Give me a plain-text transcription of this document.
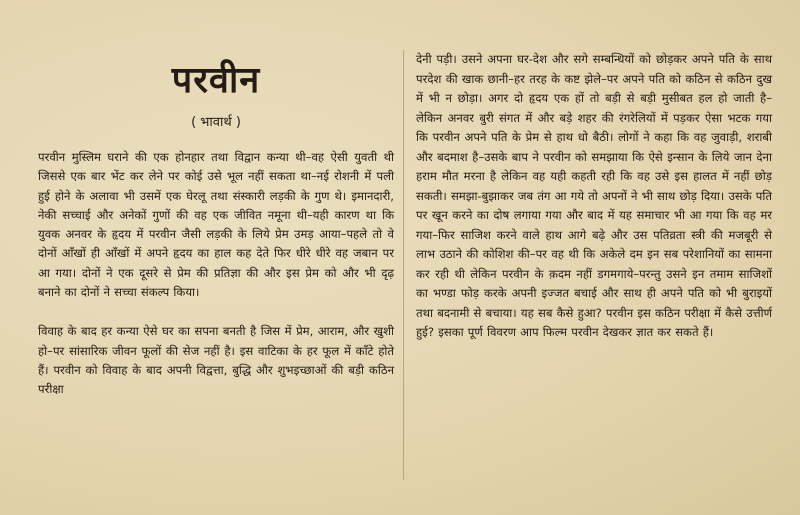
परवीन
( भावार्थ )

परवीन मुस्लिम घराने की एक होनहार तथा विद्वान कन्या थी–वह ऐसी युवती थी जिससे एक बार भेंट कर लेने पर कोई उसे भूल नहीं सकता था–नई रोशनी में पली हुई होने के अलावा भी उसमें एक घेरलू तथा संस्कारी लड़की के गुण थे। इमानदारी, नेकी सच्चाई और अनेकों गुणों की वह एक जीवित नमूना थी–यही कारण था कि युवक अनवर के हृदय में परवीन जैसी लड़की के लिये प्रेम उमड़ आया–पहले तो वे दोनों आँखों ही आँखों में अपने हृदय का हाल कह देते फिर धीरे धीरे वह जबान पर आ गया। दोनों ने एक दूसरे से प्रेम की प्रतिज्ञा की और इस प्रेम को और भी दृढ़ बनाने का दोनों ने सच्चा संकल्प किया।

विवाह के बाद हर कन्या ऐसे घर का सपना बनती है जिस में प्रेम, आराम, और खुशी हो–पर सांसारिक जीवन फूलों की सेज नहीं है। इस वाटिका के हर फूल में काँटे होते हैं। परवीन को विवाह के बाद अपनी विद्वत्ता, बुद्धि और शुभइच्छाओं की बड़ी कठिन परीक्षा

देनी पड़ी। उसने अपना घर-देश और सगे सम्बन्धियों को छोड़कर अपने पति के साथ परदेश की खाक छानी–हर तरह के कष्ट झेले–पर अपने पति को कठिन से कठिन दुख में भी न छोड़ा। अगर दो हृदय एक हों तो बड़ी से बड़ी मुसीबत हल हो जाती है–लेकिन अनवर बुरी संगत में और बड़े शहर की रंगरेलियों में पड़कर ऐसा भटक गया कि परवीन अपने पति के प्रेम से हाथ धो बैठी। लोगों ने कहा कि वह जुवाड़ी, शराबी और बदमाश है–उसके बाप ने परवीन को समझाया कि ऐसे इन्सान के लिये जान देना हराम मौत मरना है लेकिन वह यही कहती रही कि वह उसे इस हालत में नहीं छोड़ सकती। समझा-बुझाकर जब तंग आ गये तो अपनों ने भी साथ छोड़ दिया। उसके पति पर खून करने का दोष लगाया गया और बाद में यह समाचार भी आ गया कि वह मर गया–फिर साजिश करने वाले हाथ आगे बढ़े और उस पतिव्रता स्त्री की मजबूरी से लाभ उठाने की कोशिश की–पर वह थी कि अकेले दम इन सब परेशानियों का सामना कर रही थी लेकिन परवीन के क़दम नहीं डगमगाये–परन्तु उसने इन तमाम साजिशों का भण्डा फोड़ करके अपनी इज्जत बचाई और साथ ही अपने पति को भी बुराइयों तथा बदनामी से बचाया। यह सब कैसे हुआ? परवीन इस कठिन परीक्षा में कैसे उत्तीर्ण हुई? इसका पूर्ण विवरण आप फिल्म परवीन देखकर ज्ञात कर सकते हैं।
